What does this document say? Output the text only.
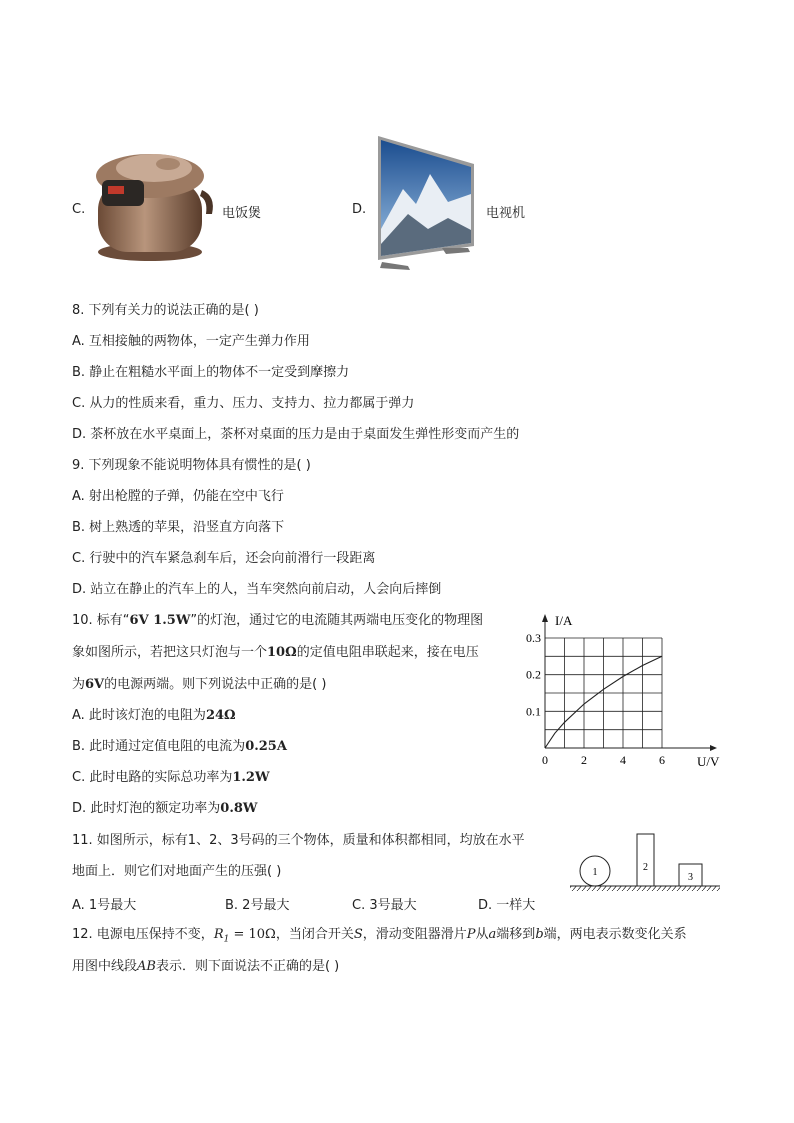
C.	电饭煲	D.	电视机
8. 下列有关力的说法正确的是( )
A. 互相接触的两物体，一定产生弹力作用
B. 静止在粗糙水平面上的物体不一定受到摩擦力
C. 从力的性质来看，重力、压力、支持力、拉力都属于弹力
D. 茶杯放在水平桌面上，茶杯对桌面的压力是由于桌面发生弹性形变而产生的
9. 下列现象不能说明物体具有惯性的是( )
A. 射出枪膛的子弹，仍能在空中飞行
B. 树上熟透的苹果，沿竖直方向落下
C. 行驶中的汽车紧急刹车后，还会向前滑行一段距离
D. 站立在静止的汽车上的人，当车突然向前启动，人会向后摔倒
10. 标有“6V 1.5W”的灯泡，通过它的电流随其两端电压变化的物理图
象如图所示，若把这只灯泡与一个10Ω的定值电阻串联起来，接在电压
为6V的电源两端。则下列说法中正确的是( )
A. 此时该灯泡的电阻为24Ω
B. 此时通过定值电阻的电流为0.25A
C. 此时电路的实际总功率为1.2W
D. 此时灯泡的额定功率为0.8W
0	2	4	6
0.1
0.2
0.3
I/A
U/V
11. 如图所示，标有1、2、3号码的三个物体，质量和体积都相同，均放在水平
地面上．则它们对地面产生的压强( )
A. 1号最大	B. 2号最大	C. 3号最大	D. 一样大
1	2
3
12. 电源电压保持不变，$R_1 = 10\Omega$，当闭合开关S，滑动变阻器滑片P从a端移到b端，两电表示数变化关系
用图中线段AB表示．则下面说法不正确的是( )
